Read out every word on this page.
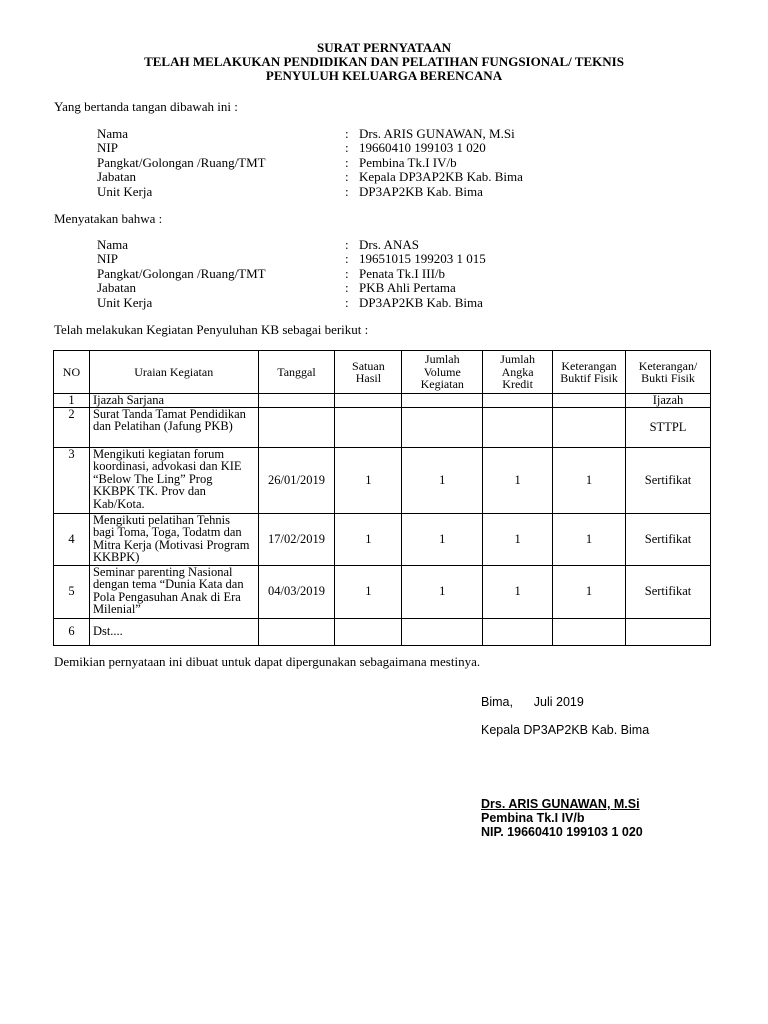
SURAT PERNYATAAN
TELAH MELAKUKAN PENDIDIKAN DAN PELATIHAN FUNGSIONAL/ TEKNIS
PENYULUH KELUARGA BERENCANA
Yang bertanda tangan dibawah ini :
Nama	: Drs. ARIS GUNAWAN, M.Si
NIP	: 19660410 199103 1 020
Pangkat/Golongan /Ruang/TMT	: Pembina Tk.I IV/b
Jabatan	: Kepala DP3AP2KB Kab. Bima
Unit Kerja	: DP3AP2KB Kab. Bima
Menyatakan bahwa :
Nama	: Drs. ANAS
NIP	: 19651015 199203 1 015
Pangkat/Golongan /Ruang/TMT	: Penata Tk.I III/b
Jabatan	: PKB Ahli Pertama
Unit Kerja	: DP3AP2KB Kab. Bima
Telah melakukan Kegiatan Penyuluhan KB sebagai berikut :
NO	Uraian Kegiatan	Tanggal	Satuan Hasil	Jumlah Volume Kegiatan	Jumlah Angka Kredit	Keterangan Buktif Fisik	Keterangan/ Bukti Fisik
1	Ijazah Sarjana						Ijazah
2	Surat Tanda Tamat Pendidikan dan Pelatihan (Jafung PKB)						STTPL
3	Mengikuti kegiatan forum koordinasi, advokasi dan KIE “Below The Ling” Prog KKBPK TK. Prov dan Kab/Kota.	26/01/2019	1	1	1	1	Sertifikat
4	Mengikuti pelatihan Tehnis bagi Toma, Toga, Todatm dan Mitra Kerja (Motivasi Program KKBPK)	17/02/2019	1	1	1	1	Sertifikat
5	Seminar parenting Nasional dengan tema “Dunia Kata dan Pola Pengasuhan Anak di Era Milenial”	04/03/2019	1	1	1	1	Sertifikat
6	Dst....						
Demikian pernyataan ini dibuat untuk dapat dipergunakan sebagaimana mestinya.
Bima,      Juli 2019
Kepala DP3AP2KB Kab. Bima
Drs. ARIS GUNAWAN, M.Si
Pembina Tk.I IV/b
NIP. 19660410 199103 1 020
